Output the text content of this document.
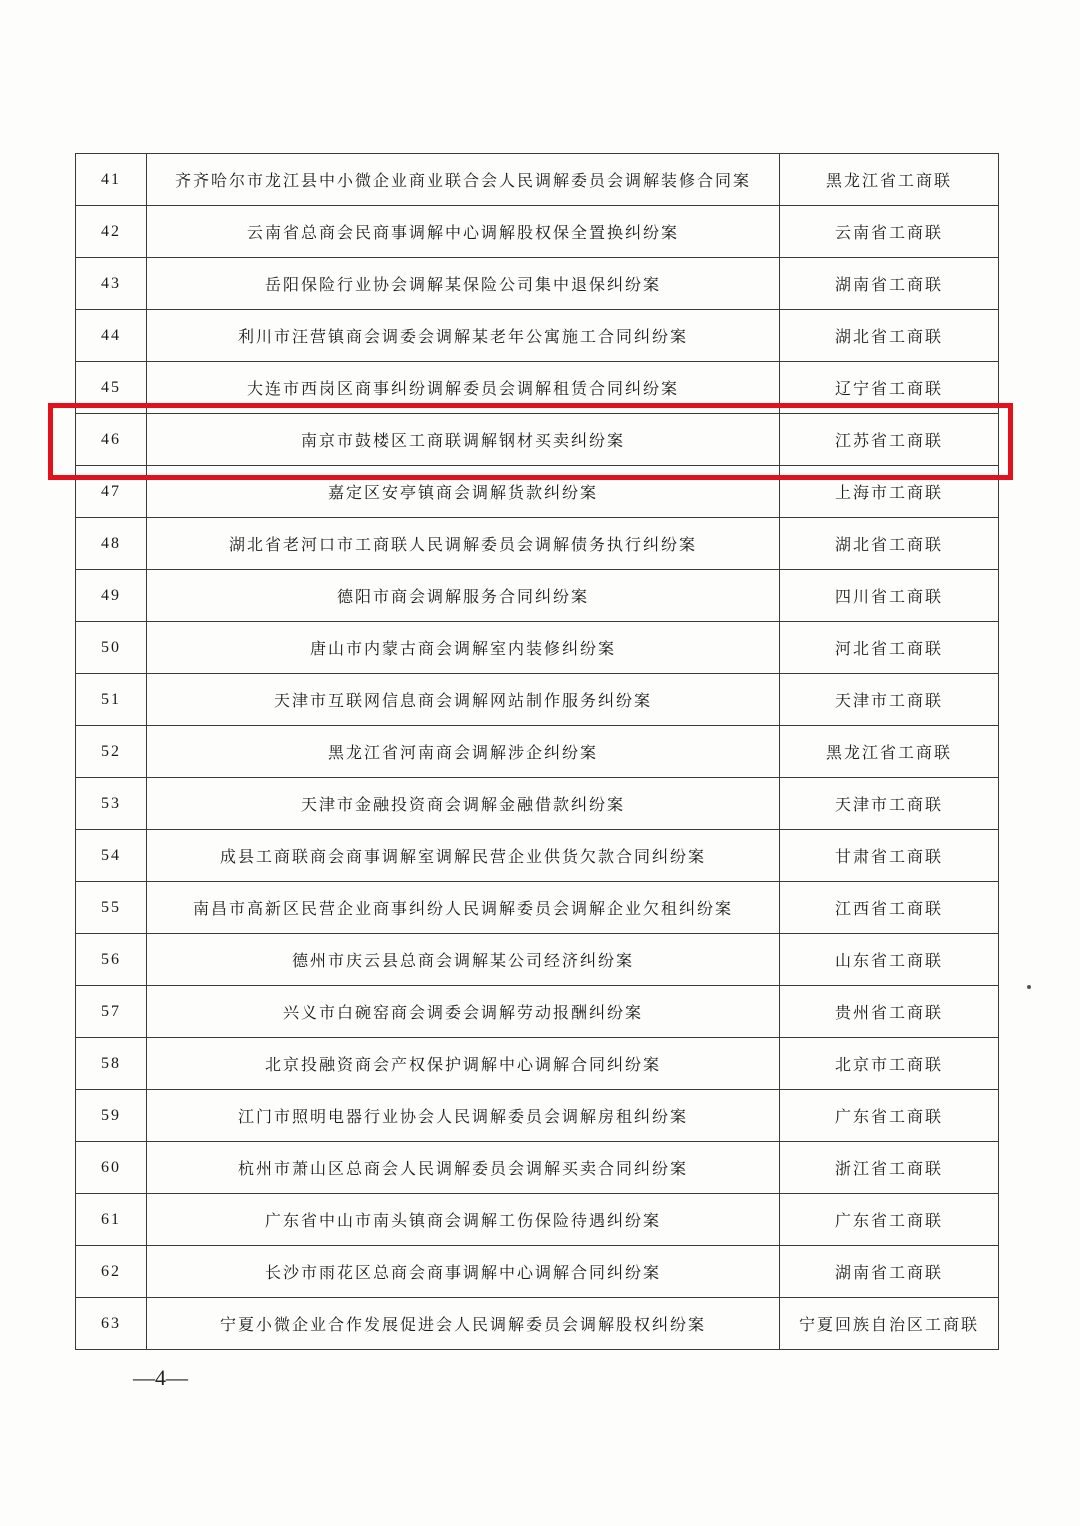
41	齐齐哈尔市龙江县中小微企业商业联合会人民调解委员会调解装修合同案	黑龙江省工商联
42	云南省总商会民商事调解中心调解股权保全置换纠纷案	云南省工商联
43	岳阳保险行业协会调解某保险公司集中退保纠纷案	湖南省工商联
44	利川市汪营镇商会调委会调解某老年公寓施工合同纠纷案	湖北省工商联
45	大连市西岗区商事纠纷调解委员会调解租赁合同纠纷案	辽宁省工商联
46	南京市鼓楼区工商联调解钢材买卖纠纷案	江苏省工商联
47	嘉定区安亭镇商会调解货款纠纷案	上海市工商联
48	湖北省老河口市工商联人民调解委员会调解债务执行纠纷案	湖北省工商联
49	德阳市商会调解服务合同纠纷案	四川省工商联
50	唐山市内蒙古商会调解室内装修纠纷案	河北省工商联
51	天津市互联网信息商会调解网站制作服务纠纷案	天津市工商联
52	黑龙江省河南商会调解涉企纠纷案	黑龙江省工商联
53	天津市金融投资商会调解金融借款纠纷案	天津市工商联
54	成县工商联商会商事调解室调解民营企业供货欠款合同纠纷案	甘肃省工商联
55	南昌市高新区民营企业商事纠纷人民调解委员会调解企业欠租纠纷案	江西省工商联
56	德州市庆云县总商会调解某公司经济纠纷案	山东省工商联
57	兴义市白碗窑商会调委会调解劳动报酬纠纷案	贵州省工商联
58	北京投融资商会产权保护调解中心调解合同纠纷案	北京市工商联
59	江门市照明电器行业协会人民调解委员会调解房租纠纷案	广东省工商联
60	杭州市萧山区总商会人民调解委员会调解买卖合同纠纷案	浙江省工商联
61	广东省中山市南头镇商会调解工伤保险待遇纠纷案	广东省工商联
62	长沙市雨花区总商会商事调解中心调解合同纠纷案	湖南省工商联
63	宁夏小微企业合作发展促进会人民调解委员会调解股权纠纷案	宁夏回族自治区工商联
—4—
